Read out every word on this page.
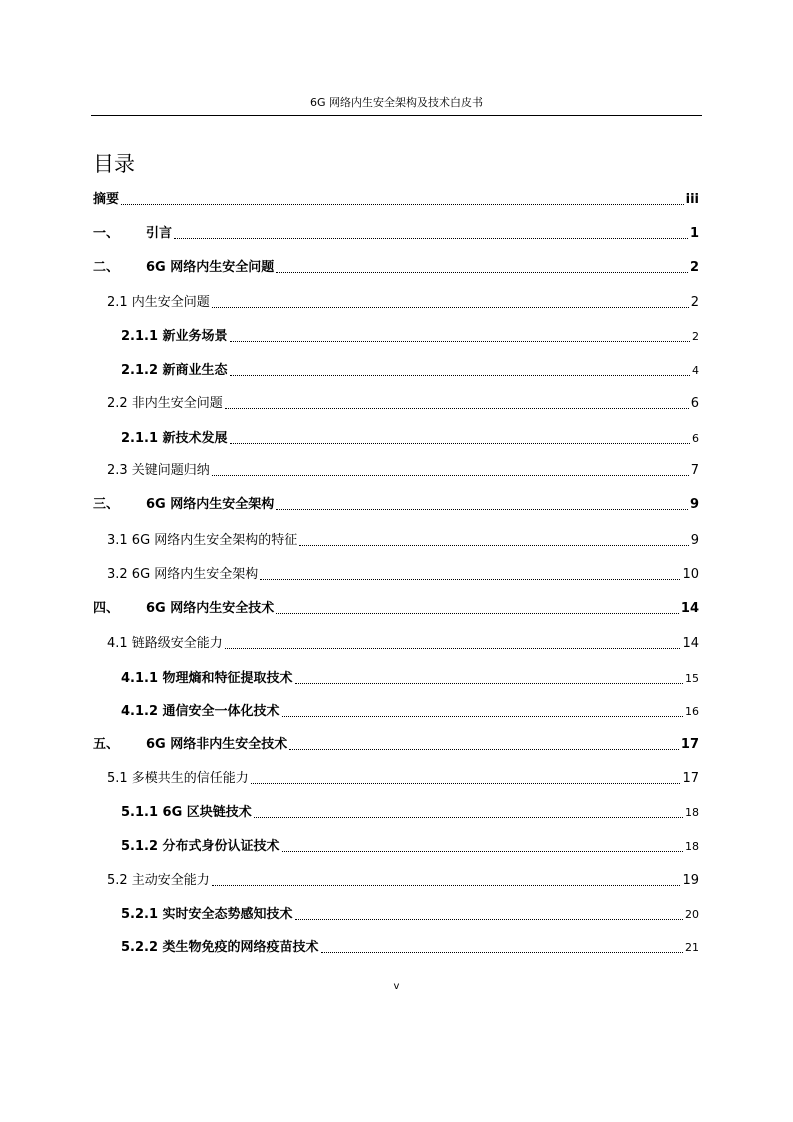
6G 网络内生安全架构及技术白皮书
目录
摘要	iii
一、	引言	1
二、	6G 网络内生安全问题	2
2.1 内生安全问题	2
2.1.1 新业务场景	2
2.1.2 新商业生态	4
2.2 非内生安全问题	6
2.1.1 新技术发展	6
2.3 关键问题归纳	7
三、	6G 网络内生安全架构	9
3.1 6G 网络内生安全架构的特征	9
3.2 6G 网络内生安全架构	10
四、	6G 网络内生安全技术	14
4.1 链路级安全能力	14
4.1.1 物理熵和特征提取技术	15
4.1.2 通信安全一体化技术	16
五、	6G 网络非内生安全技术	17
5.1 多模共生的信任能力	17
5.1.1 6G 区块链技术	18
5.1.2 分布式身份认证技术	18
5.2 主动安全能力	19
5.2.1 实时安全态势感知技术	20
5.2.2 类生物免疫的网络疫苗技术	21
v
